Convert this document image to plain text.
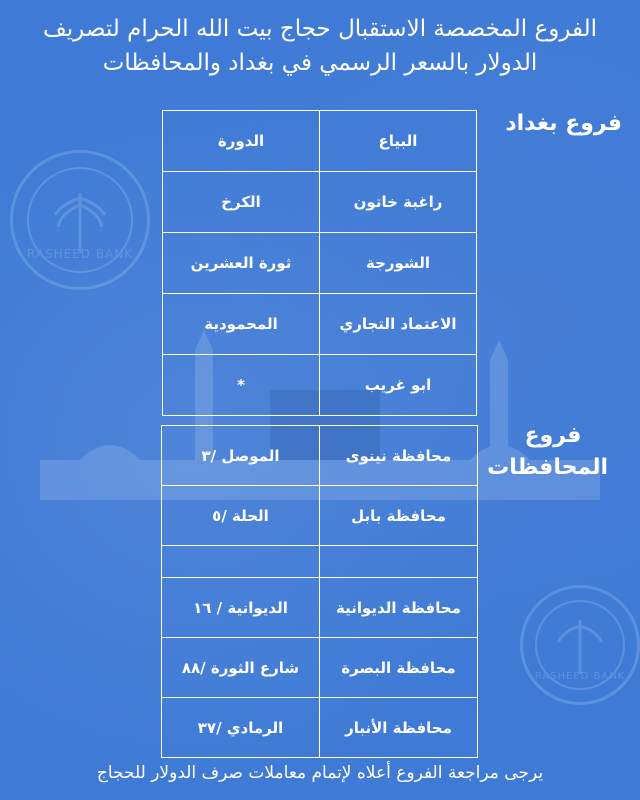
RASHEED BANK
RASHEED BANK
الفروع المخصصة الاستقبال حجاج بيت الله الحرام لتصريف
الدولار بالسعر الرسمي في بغداد والمحافظات
فروع بغداد
البياع	الدورة
راغبة خاتون	الكرخ
الشورجة	ثورة العشرين
الاعتماد التجاري	المحمودية
ابو غريب	*
فروع
المحافظات
محافظة نينوى	الموصل /٣
محافظة بابل	الحلة /٥

محافظة الديوانية	الديوانية / ١٦
محافظة البصرة	شارع الثورة /٨٨
محافظة الأنبار	الرمادي /٣٧
يرجى مراجعة الفروع أعلاه لإتمام معاملات صرف الدولار للحجاج
